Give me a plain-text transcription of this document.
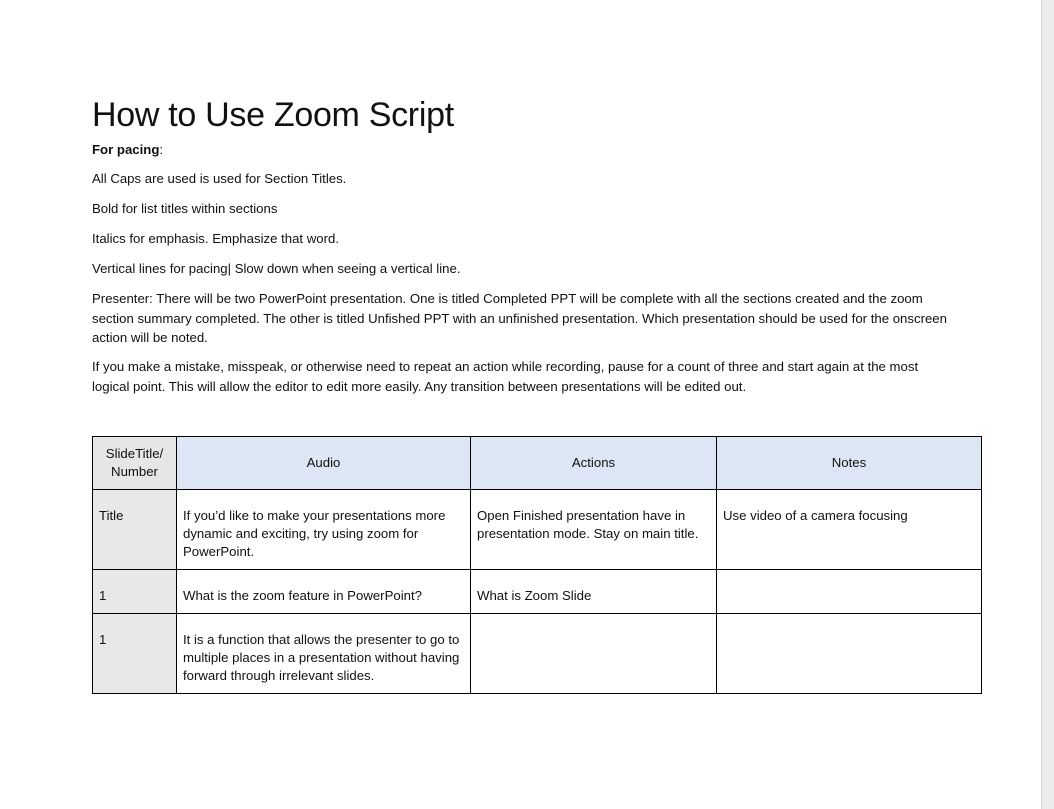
How to Use Zoom Script
For pacing:
All Caps are used is used for Section Titles.
Bold for list titles within sections
Italics for emphasis. Emphasize that word.
Vertical lines for pacing| Slow down when seeing a vertical line.
Presenter: There will be two PowerPoint presentation. One is titled Completed PPT will be complete with all the sections created and the zoom section summary completed. The other is titled Unfished PPT with an unfinished presentation. Which presentation should be used for the onscreen action will be noted.
If you make a mistake, misspeak, or otherwise need to repeat an action while recording, pause for a count of three and start again at the most logical point. This will allow the editor to edit more easily. Any transition between presentations will be edited out.
SlideTitle/ Number	Audio	Actions	Notes

Title	If you’d like to make your presentations more dynamic and exciting, try using zoom for PowerPoint.	Open Finished presentation have in presentation mode. Stay on main title.	Use video of a camera focusing

1	What is the zoom feature in PowerPoint?	What is Zoom Slide	

1	It is a function that allows the presenter to go to multiple places in a presentation without having forward through irrelevant slides.		
